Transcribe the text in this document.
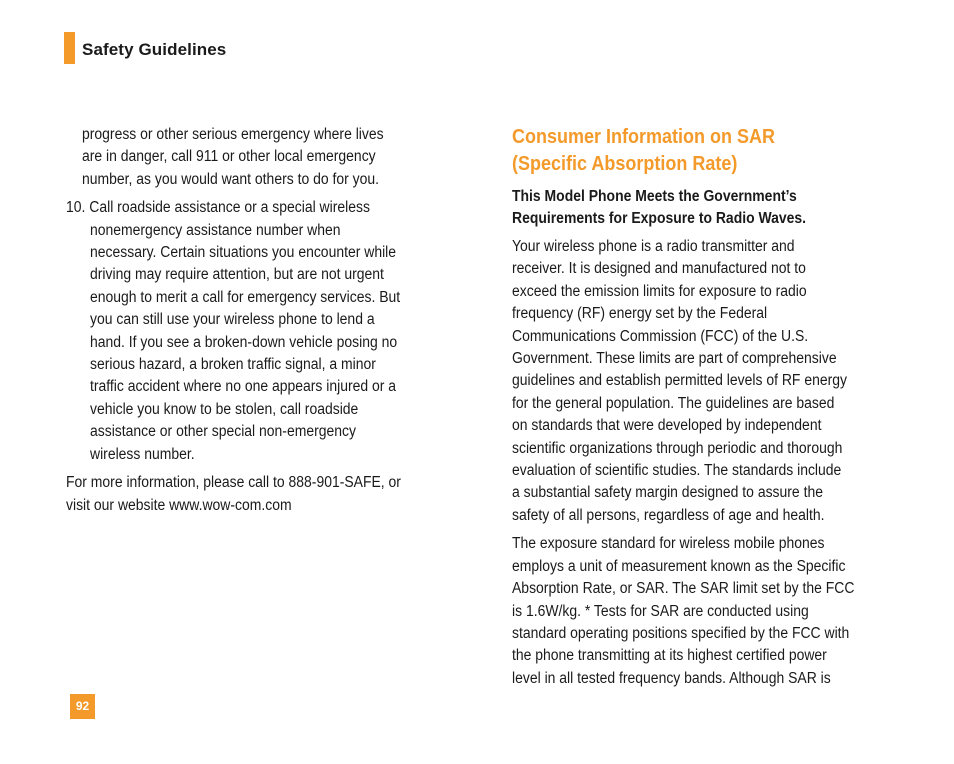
Safety Guidelines
progress or other serious emergency where lives
are in danger, call 911 or other local emergency
number, as you would want others to do for you.
10. Call roadside assistance or a special wireless
nonemergency assistance number when
necessary. Certain situations you encounter while
driving may require attention, but are not urgent
enough to merit a call for emergency services. But
you can still use your wireless phone to lend a
hand. If you see a broken-down vehicle posing no
serious hazard, a broken traffic signal, a minor
traffic accident where no one appears injured or a
vehicle you know to be stolen, call roadside
assistance or other special non-emergency
wireless number.
For more information, please call to 888-901-SAFE, or
visit our website www.wow-com.com
Consumer Information on SAR
(Specific Absorption Rate)
This Model Phone Meets the Government’s
Requirements for Exposure to Radio Waves.
Your wireless phone is a radio transmitter and
receiver. It is designed and manufactured not to
exceed the emission limits for exposure to radio
frequency (RF) energy set by the Federal
Communications Commission (FCC) of the U.S.
Government. These limits are part of comprehensive
guidelines and establish permitted levels of RF energy
for the general population. The guidelines are based
on standards that were developed by independent
scientific organizations through periodic and thorough
evaluation of scientific studies. The standards include
a substantial safety margin designed to assure the
safety of all persons, regardless of age and health.
The exposure standard for wireless mobile phones
employs a unit of measurement known as the Specific
Absorption Rate, or SAR. The SAR limit set by the FCC
is 1.6W/kg. * Tests for SAR are conducted using
standard operating positions specified by the FCC with
the phone transmitting at its highest certified power
level in all tested frequency bands. Although SAR is
92
